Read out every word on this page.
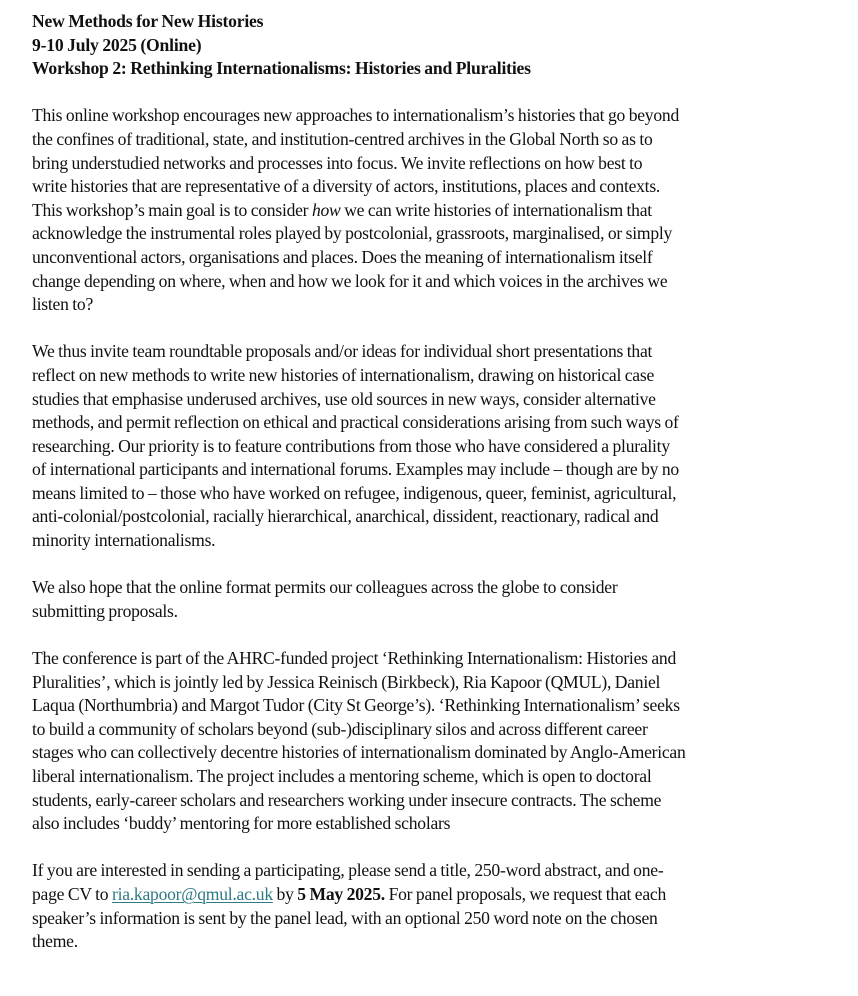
New Methods for New Histories
9-10 July 2025 (Online)
Workshop 2: Rethinking Internationalisms: Histories and Pluralities
This online workshop encourages new approaches to internationalism’s histories that go beyond
the confines of traditional, state, and institution-centred archives in the Global North so as to
bring understudied networks and processes into focus. We invite reflections on how best to
write histories that are representative of a diversity of actors, institutions, places and contexts.
This workshop’s main goal is to consider how we can write histories of internationalism that
acknowledge the instrumental roles played by postcolonial, grassroots, marginalised, or simply
unconventional actors, organisations and places. Does the meaning of internationalism itself
change depending on where, when and how we look for it and which voices in the archives we
listen to?
We thus invite team roundtable proposals and/or ideas for individual short presentations that
reflect on new methods to write new histories of internationalism, drawing on historical case
studies that emphasise underused archives, use old sources in new ways, consider alternative
methods, and permit reflection on ethical and practical considerations arising from such ways of
researching. Our priority is to feature contributions from those who have considered a plurality
of international participants and international forums. Examples may include – though are by no
means limited to – those who have worked on refugee, indigenous, queer, feminist, agricultural,
anti-colonial/postcolonial, racially hierarchical, anarchical, dissident, reactionary, radical and
minority internationalisms.
We also hope that the online format permits our colleagues across the globe to consider
submitting proposals.
The conference is part of the AHRC-funded project ‘Rethinking Internationalism: Histories and
Pluralities’, which is jointly led by Jessica Reinisch (Birkbeck), Ria Kapoor (QMUL), Daniel
Laqua (Northumbria) and Margot Tudor (City St George’s). ‘Rethinking Internationalism’ seeks
to build a community of scholars beyond (sub-)disciplinary silos and across different career
stages who can collectively decentre histories of internationalism dominated by Anglo-American
liberal internationalism. The project includes a mentoring scheme, which is open to doctoral
students, early-career scholars and researchers working under insecure contracts. The scheme
also includes ‘buddy’ mentoring for more established scholars
If you are interested in sending a participating, please send a title, 250-word abstract, and one-
page CV to ria.kapoor@qmul.ac.uk by 5 May 2025. For panel proposals, we request that each
speaker’s information is sent by the panel lead, with an optional 250 word note on the chosen
theme.
